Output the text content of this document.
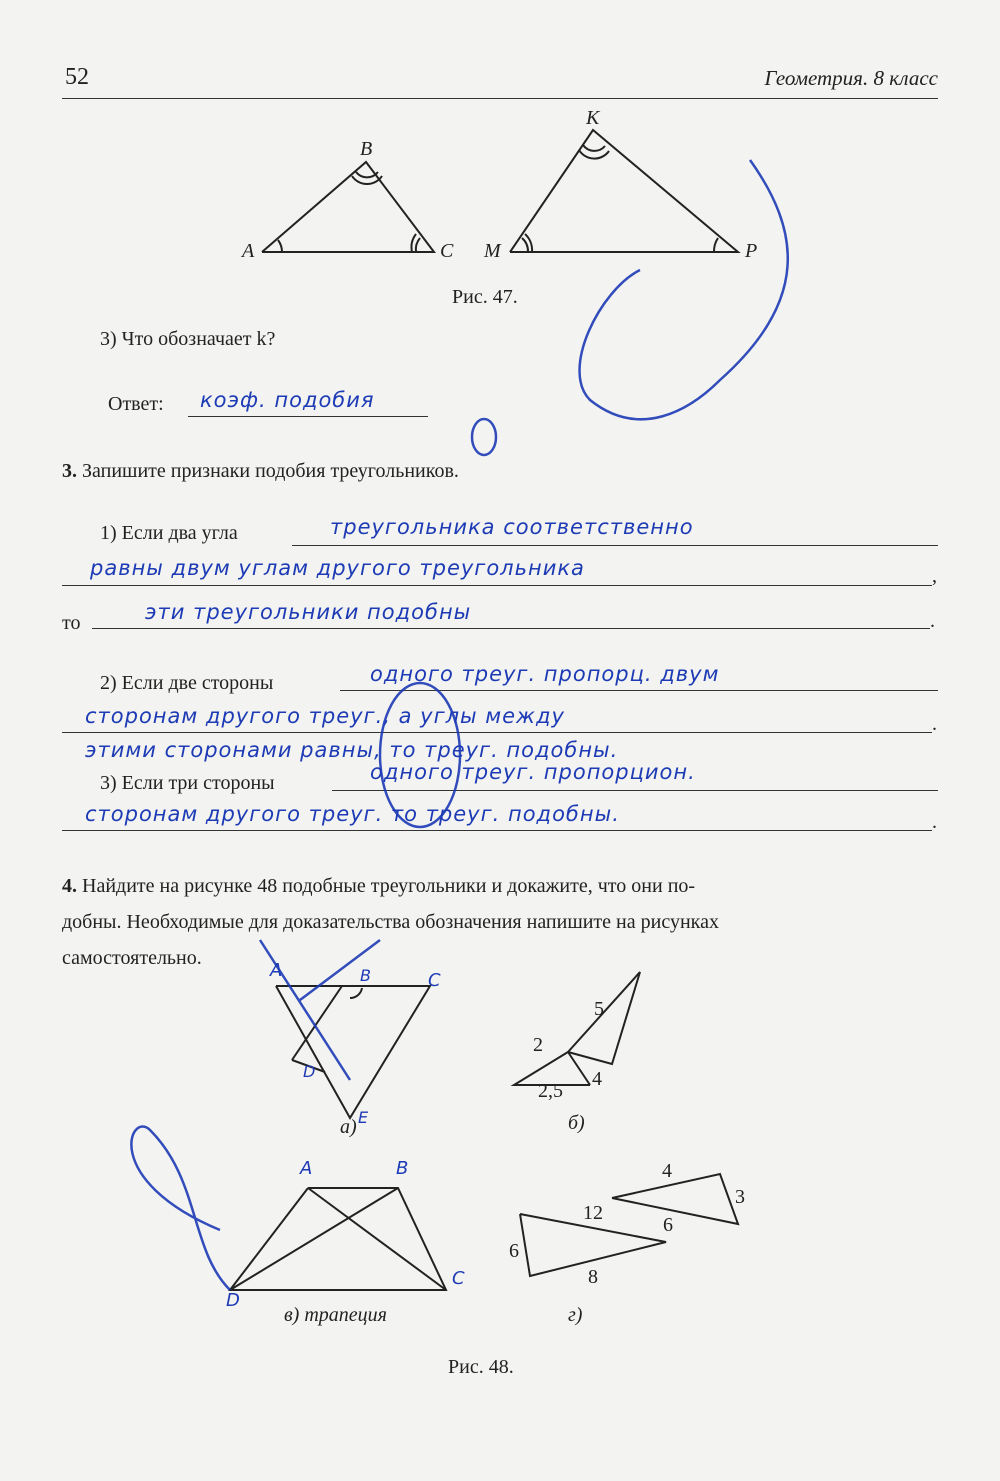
52	Геометрия. 8 класс
B
A	C
K
M	P
Рис. 47.
3) Что обозначает k?
Ответ: коэф. подобия
3. Запишите признаки подобия треугольников.
1) Если два угла	треугольника соответственно
,
равны двум углам другого треугольника
то	.
эти треугольники подобны
2) Если две стороны	одного треуг. пропорц. двум
.
сторонам другого треуг., а углы между
этими сторонами равны, то треуг. подобны.
3) Если три стороны	одного треуг. пропорцион.
.
сторонам другого треуг. то треуг. подобны.
4. Найдите на рисунке 48 подобные треугольники и докажите, что они по-
добны. Необходимые для доказательства обозначения напишите на рисунках
самостоятельно.
5
2
4
2,5
4
3
12
6
6
8
A	B	C
D
E
A	B
C
D
а)	б)
в) трапеция	г)
Рис. 48.
